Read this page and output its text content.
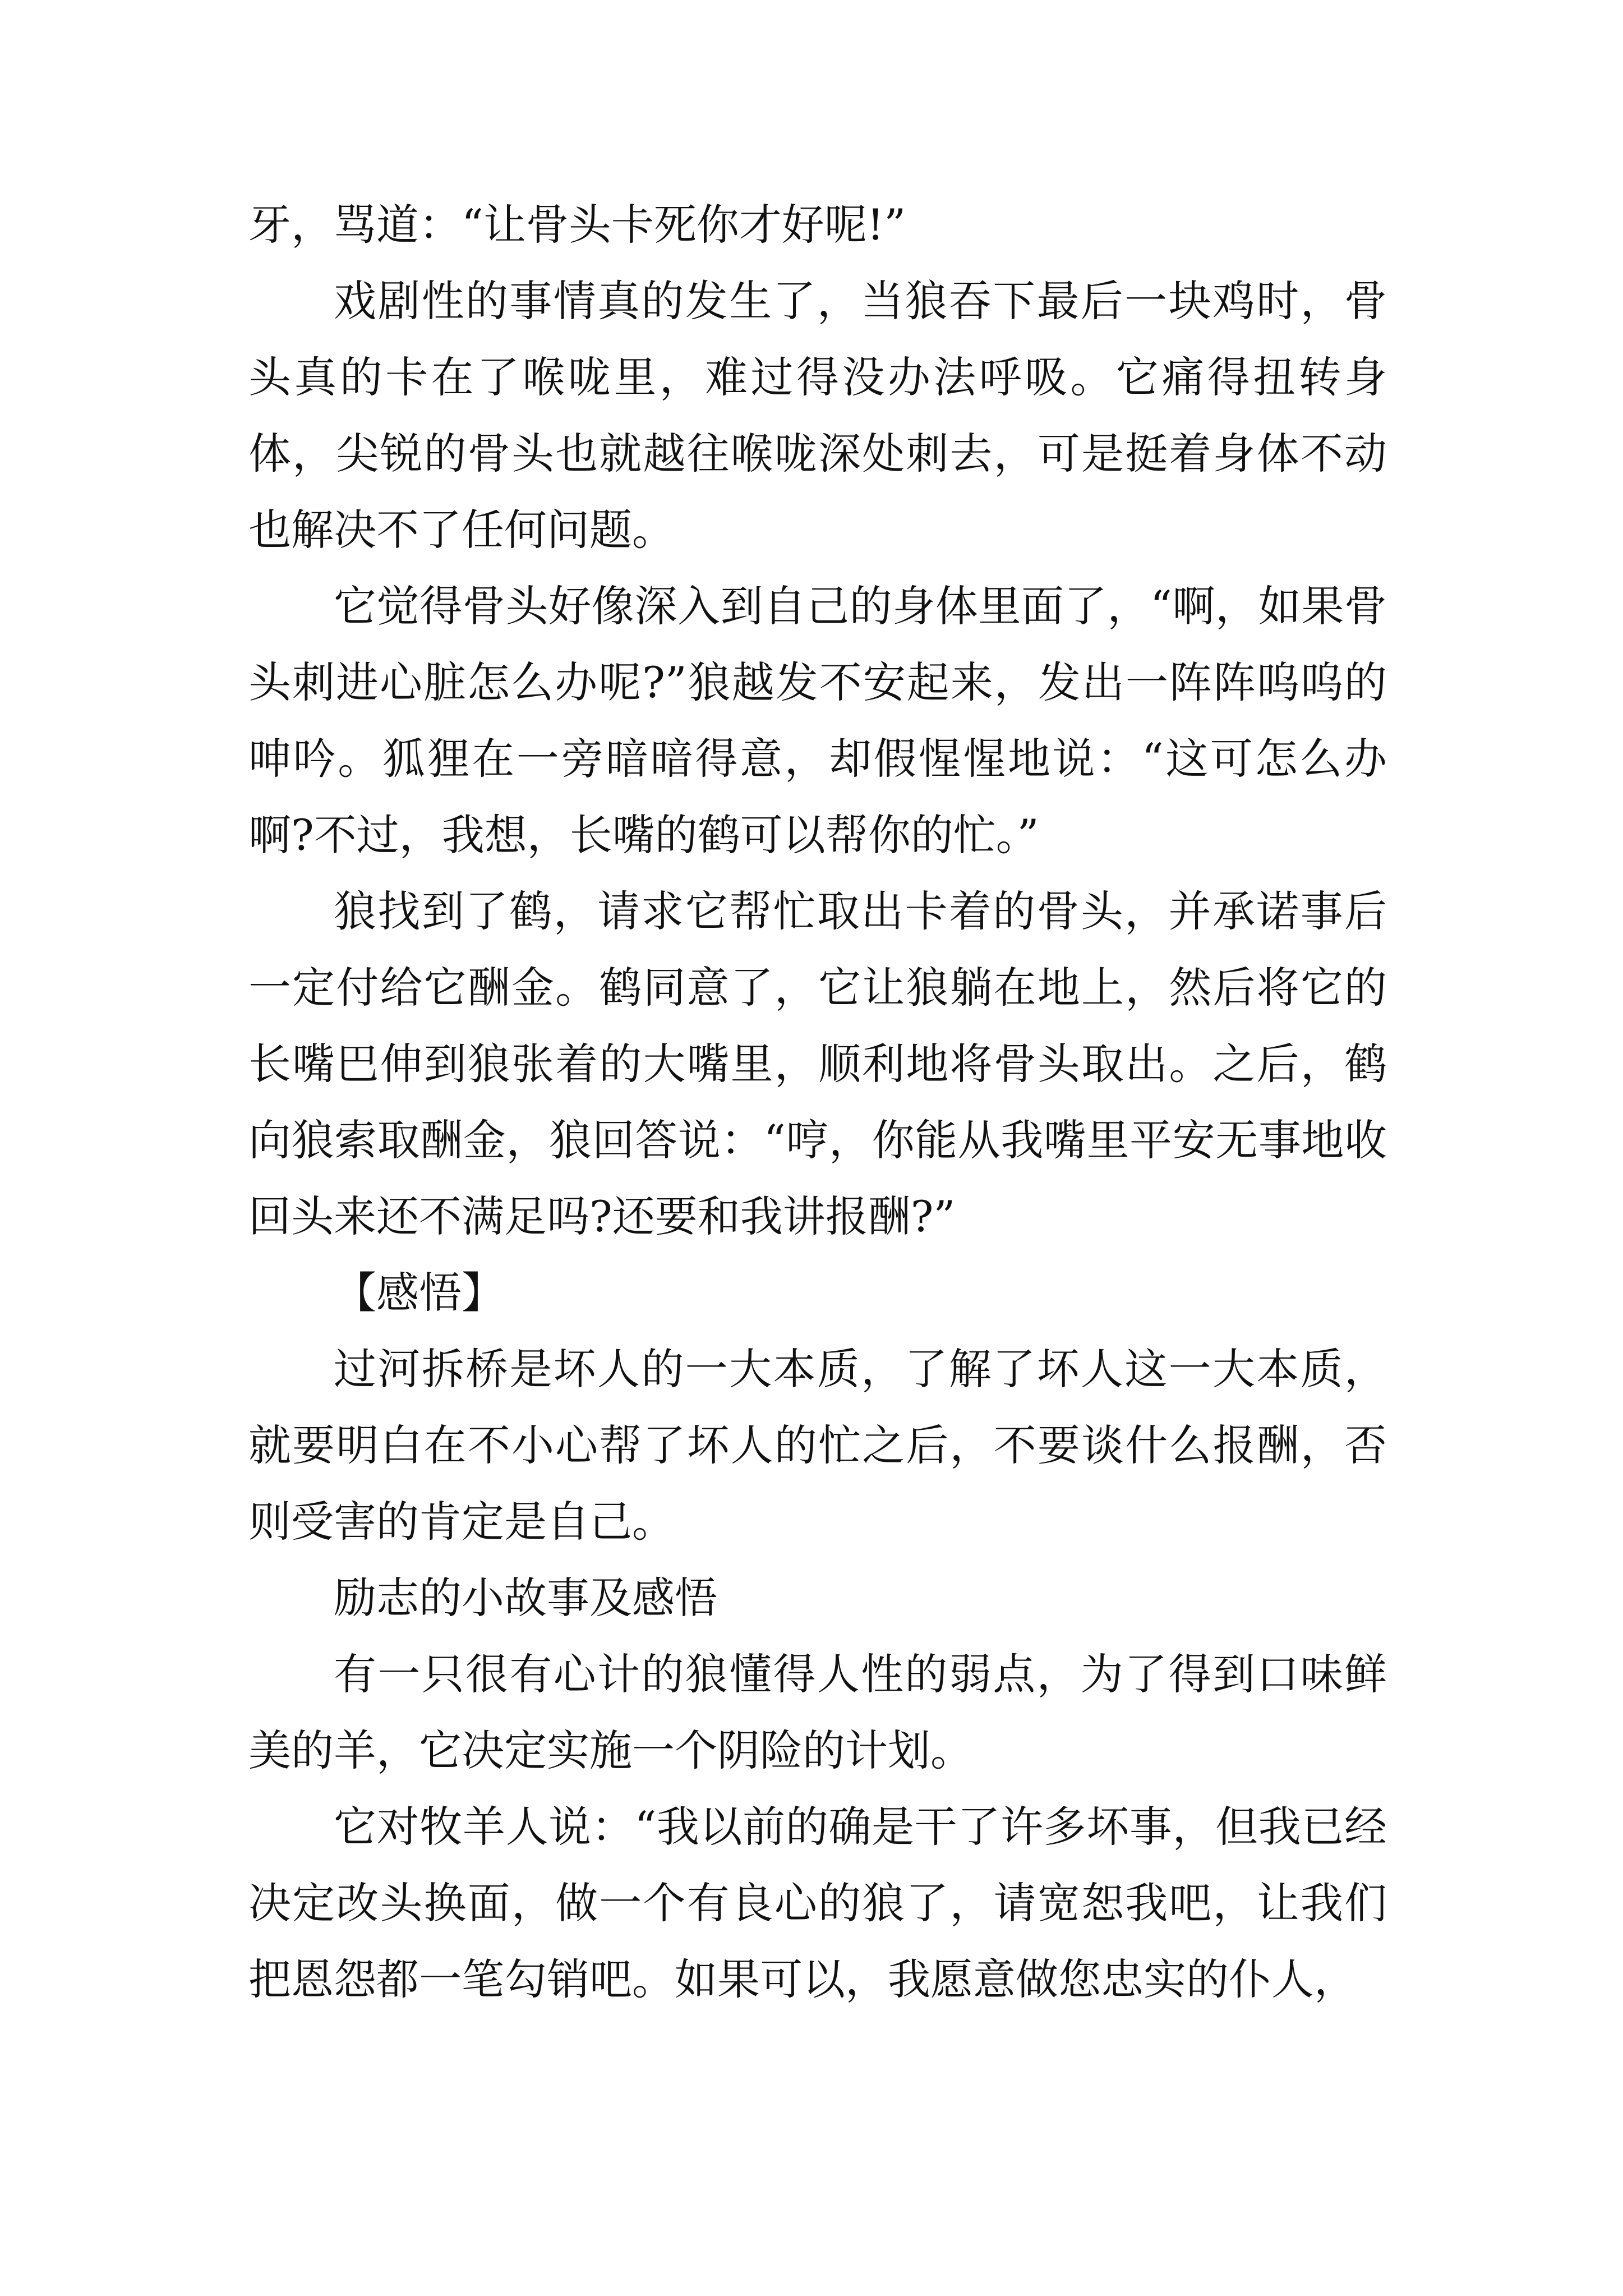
牙，骂道：“让骨头卡死你才好呢!”

戏剧性的事情真的发生了，当狼吞下最后一块鸡时，骨头真的卡在了喉咙里，难过得没办法呼吸。它痛得扭转身体，尖锐的骨头也就越往喉咙深处刺去，可是挺着身体不动也解决不了任何问题。

它觉得骨头好像深入到自己的身体里面了，“啊，如果骨头刺进心脏怎么办呢?”狼越发不安起来，发出一阵阵呜呜的呻吟。狐狸在一旁暗暗得意，却假惺惺地说：“这可怎么办啊?不过，我想，长嘴的鹤可以帮你的忙。”

狼找到了鹤，请求它帮忙取出卡着的骨头，并承诺事后一定付给它酬金。鹤同意了，它让狼躺在地上，然后将它的长嘴巴伸到狼张着的大嘴里，顺利地将骨头取出。之后，鹤向狼索取酬金，狼回答说：“哼，你能从我嘴里平安无事地收回头来还不满足吗?还要和我讲报酬?”

【感悟】

过河拆桥是坏人的一大本质，了解了坏人这一大本质，就要明白在不小心帮了坏人的忙之后，不要谈什么报酬，否则受害的肯定是自己。

励志的小故事及感悟

有一只很有心计的狼懂得人性的弱点，为了得到口味鲜美的羊，它决定实施一个阴险的计划。

它对牧羊人说：“我以前的确是干了许多坏事，但我已经决定改头换面，做一个有良心的狼了，请宽恕我吧，让我们把恩怨都一笔勾销吧。如果可以，我愿意做您忠实的仆人，
